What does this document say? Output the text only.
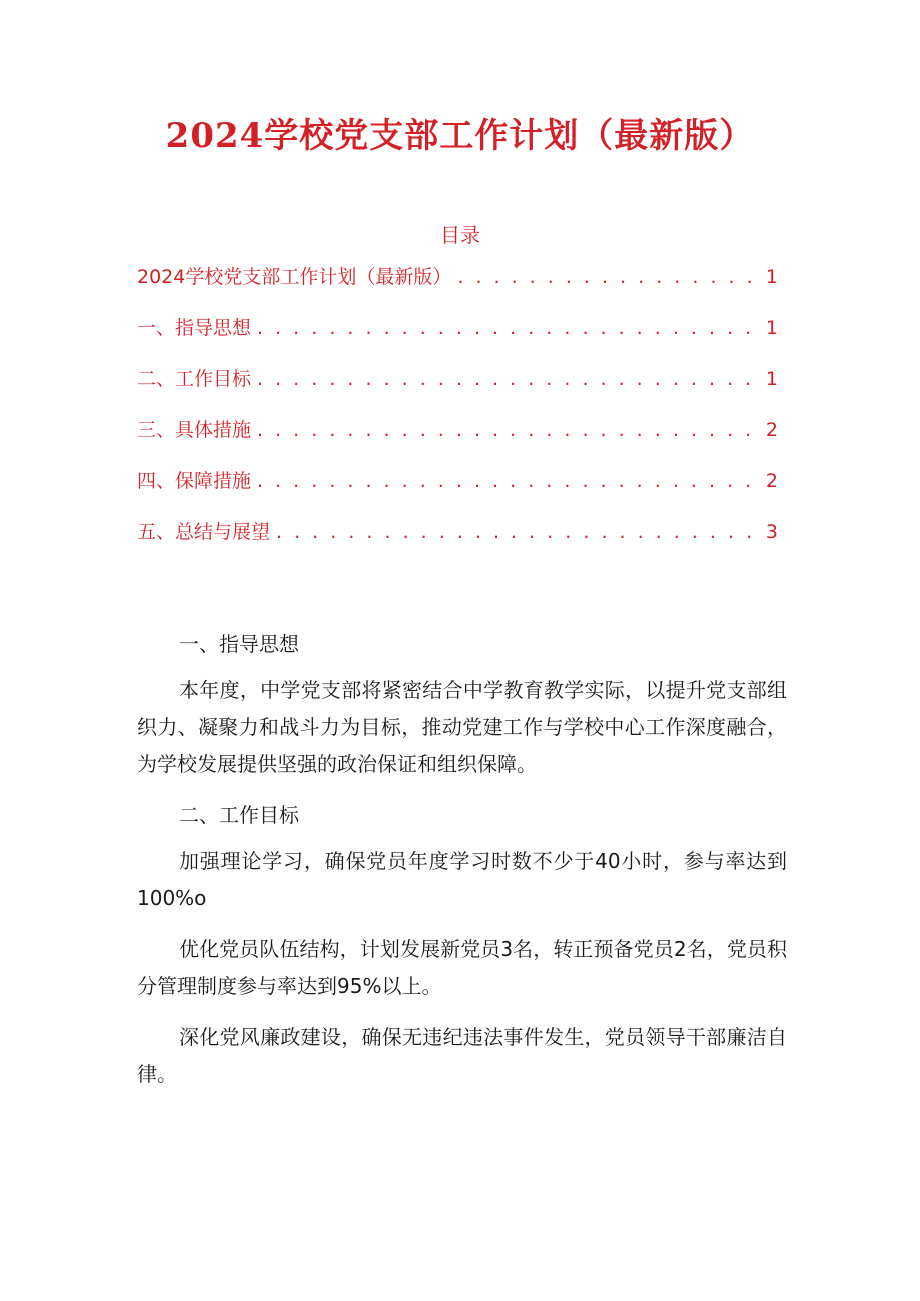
2024学校党支部工作计划（最新版）
目录
2024学校党支部工作计划（最新版） . . .	1
一、指导思想 . . .	1
二、工作目标 . . .	1
三、具体措施 . . .	2
四、保障措施 . . .	2
五、总结与展望 . . .	3
一、指导思想

本年度，中学党支部将紧密结合中学教育教学实际，以提升党支部组织力、凝聚力和战斗力为目标，推动党建工作与学校中心工作深度融合，为学校发展提供坚强的政治保证和组织保障。

二、工作目标

加强理论学习，确保党员年度学习时数不少于40小时，参与率达到100%o

优化党员队伍结构，计划发展新党员3名，转正预备党员2名，党员积分管理制度参与率达到95%以上。

深化党风廉政建设，确保无违纪违法事件发生，党员领导干部廉洁自律。
